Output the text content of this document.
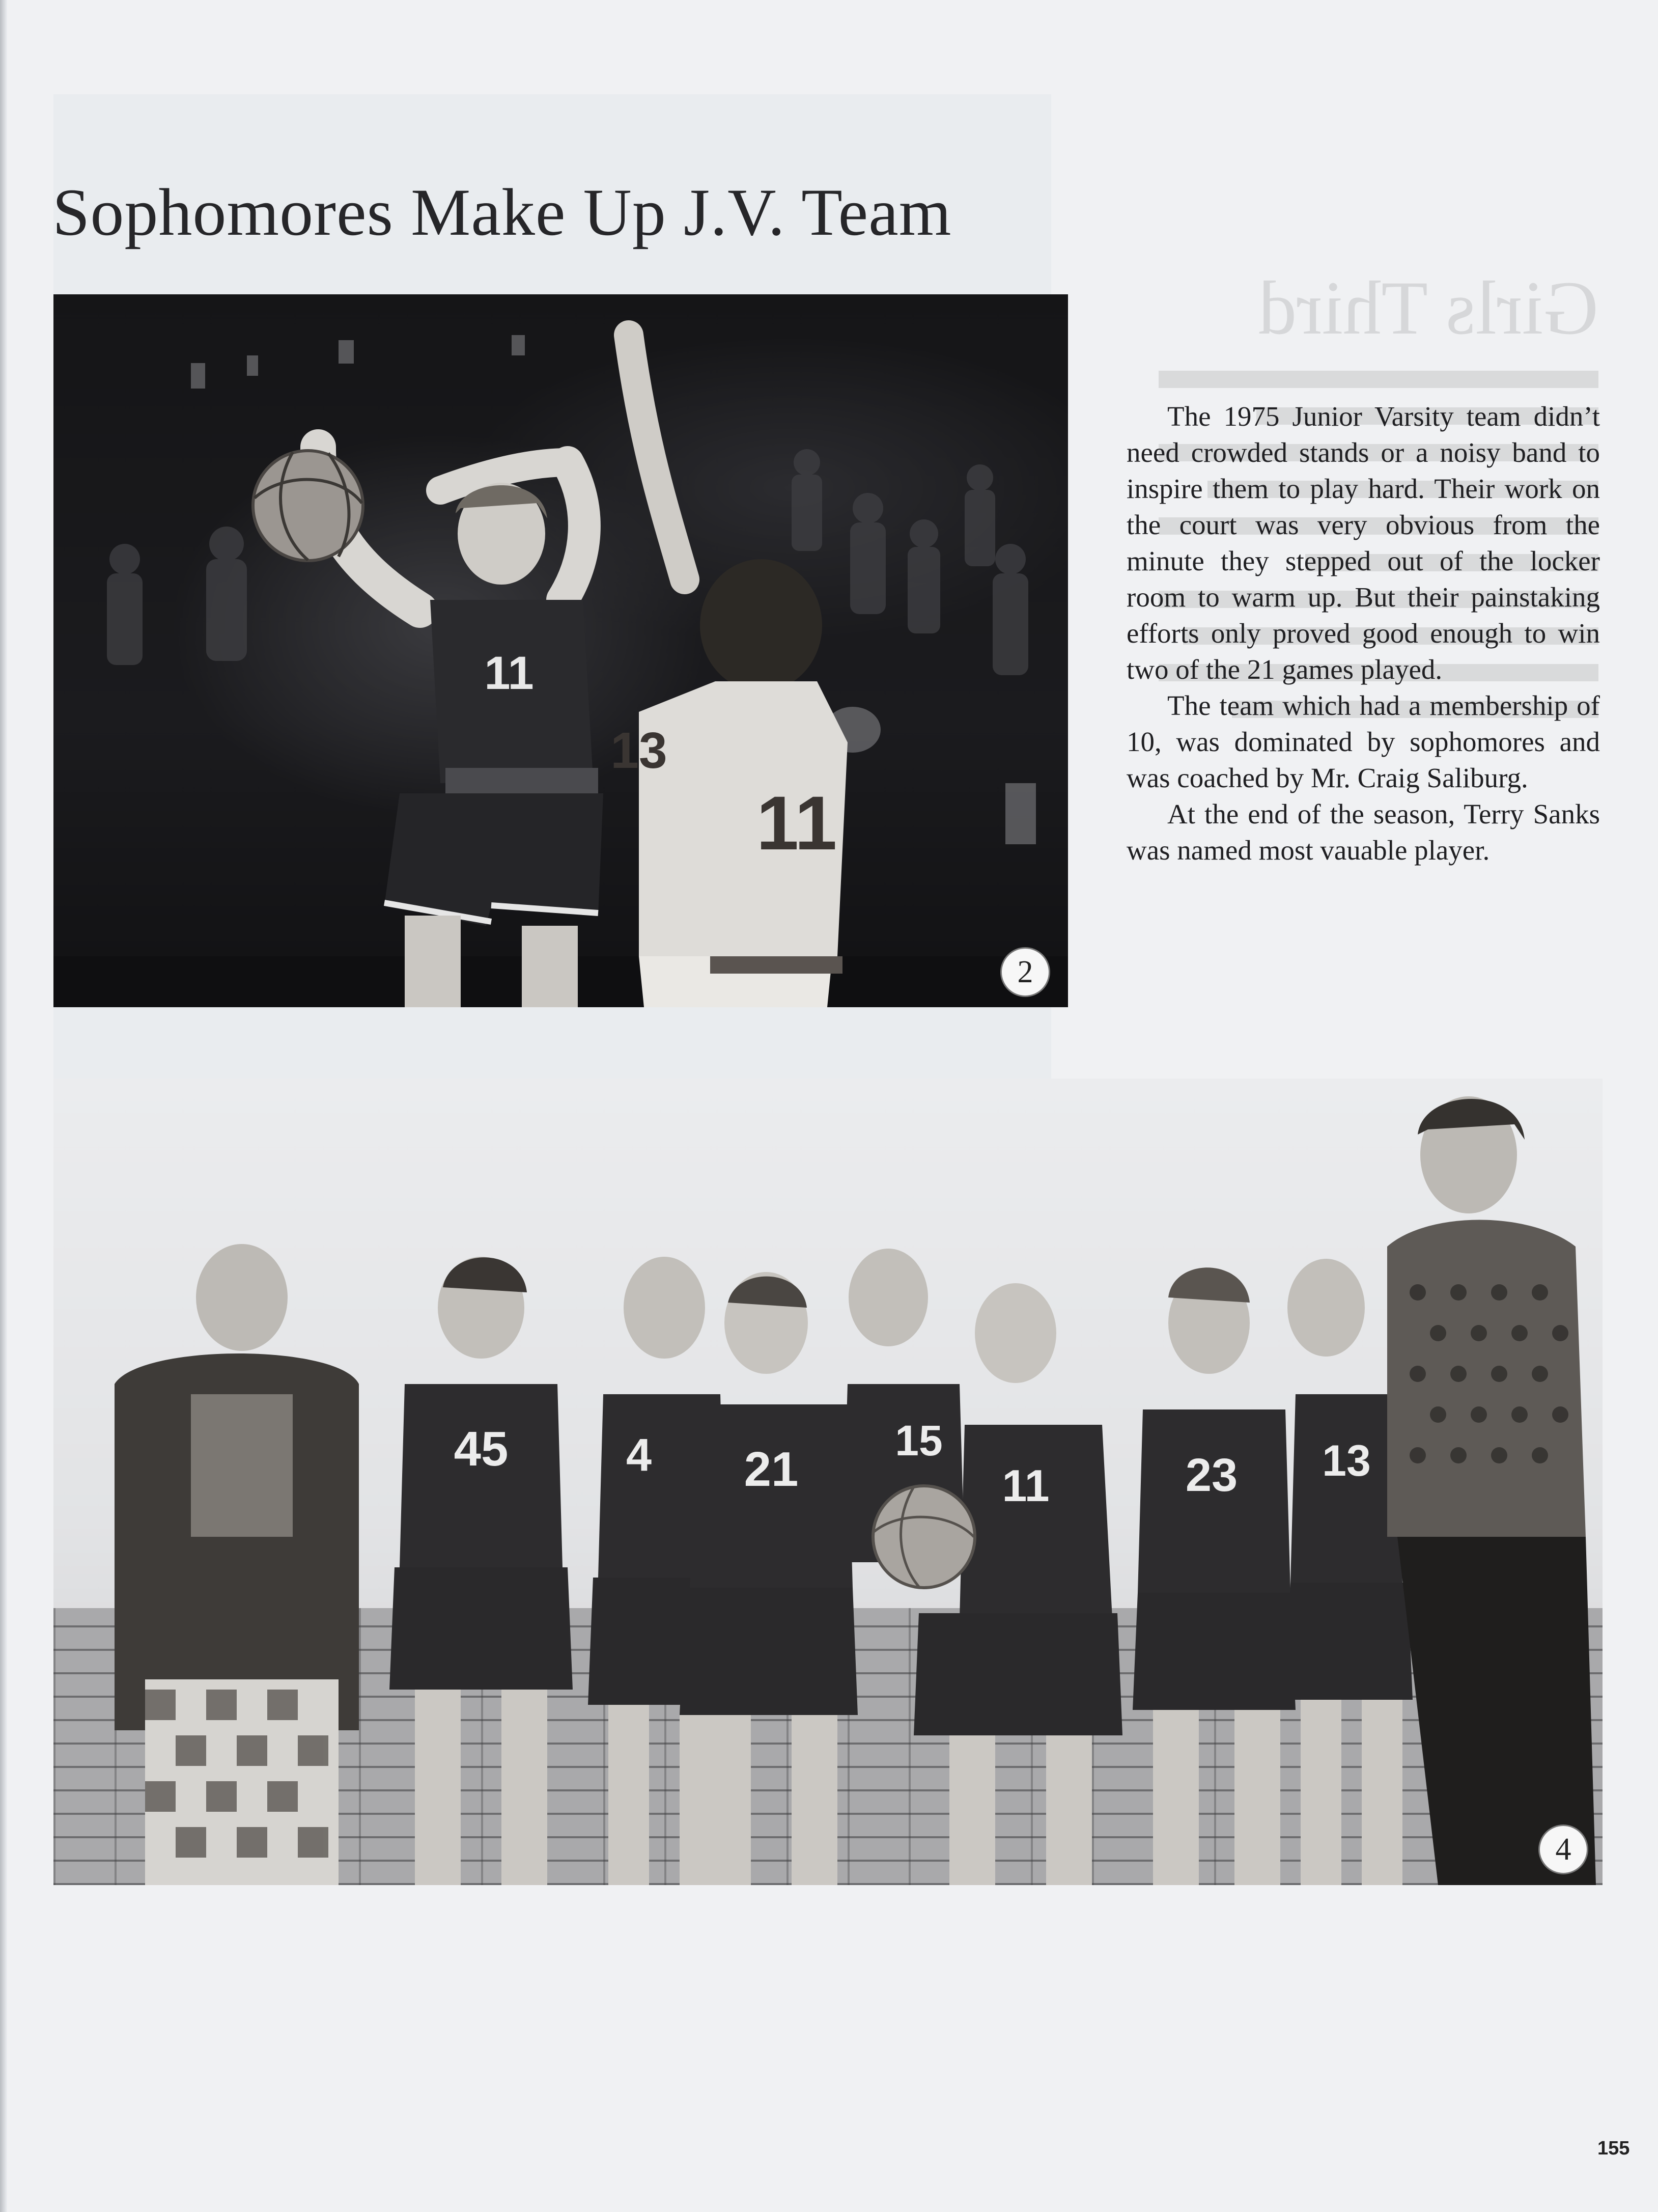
Girls Third
Sophomores Make Up J.V. Team
11
11
13
2

The 1975 Junior Varsity team didn’t need crowded stands or a noisy band to inspire them to play hard. Their work on the court was very obvious from the minute they stepped out of the locker room to warm up. But their painstaking efforts only proved good enough to win two of the 21 games played.

The team which had a membership of 10, was dominated by sophomores and was coached by Mr. Craig Saliburg.

At the end of the season, Terry Sanks was named most vauable player.

45	4 21
15
11	23 13
4
155
